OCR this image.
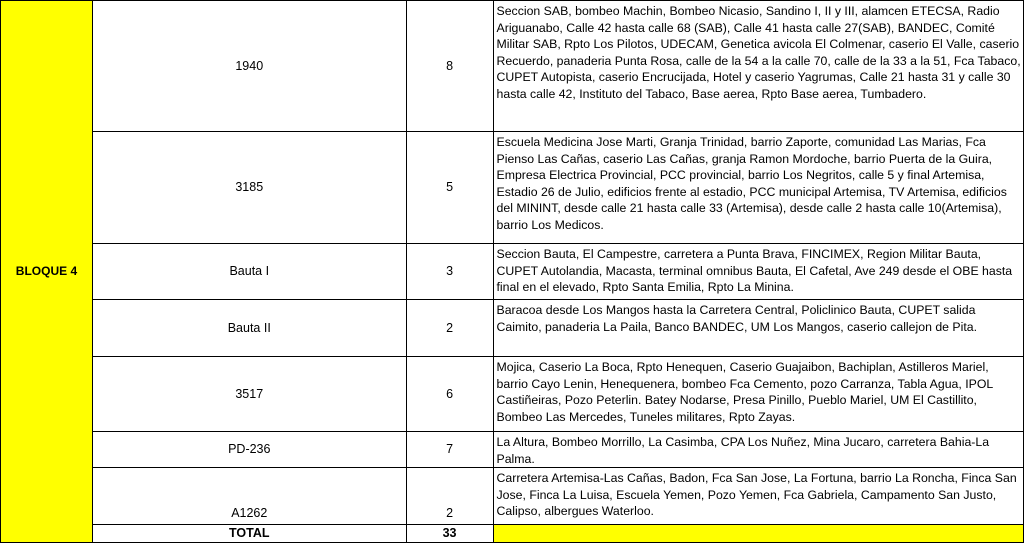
BLOQUE 4	1940	8	Seccion SAB, bombeo Machin, Bombeo Nicasio, Sandino I, II y III, alamcen ETECSA, Radio Ariguanabo, Calle 42 hasta calle 68 (SAB), Calle 41 hasta calle 27(SAB), BANDEC, Comité Militar SAB, Rpto Los Pilotos, UDECAM, Genetica avicola El Colmenar, caserio El Valle, caserio Recuerdo, panaderia Punta Rosa, calle de la 54 a la calle 70, calle de la 33 a la 51, Fca Tabaco, CUPET Autopista, caserio Encrucijada, Hotel y caserio Yagrumas, Calle 21 hasta 31 y calle 30 hasta calle 42, Instituto del Tabaco, Base aerea, Rpto Base aerea, Tumbadero.
	3185	5	Escuela Medicina Jose Marti, Granja Trinidad, barrio Zaporte, comunidad Las Marias, Fca Pienso Las Cañas, caserio Las Cañas, granja Ramon Mordoche, barrio Puerta de la Guira, Empresa Electrica Provincial, PCC provincial, barrio Los Negritos, calle 5 y final Artemisa, Estadio 26 de Julio, edificios frente al estadio, PCC municipal Artemisa, TV Artemisa, edificios del MININT, desde calle 21 hasta calle 33 (Artemisa), desde calle 2 hasta calle 10(Artemisa), barrio Los Medicos.
	Bauta I	3	Seccion Bauta, El Campestre, carretera a Punta Brava, FINCIMEX, Region Militar Bauta, CUPET Autolandia, Macasta, terminal omnibus Bauta, El Cafetal, Ave 249 desde el OBE hasta final en el elevado, Rpto Santa Emilia, Rpto La Minina.
	Bauta II	2	Baracoa desde Los Mangos hasta la Carretera Central, Policlinico Bauta, CUPET salida Caimito, panaderia La Paila, Banco BANDEC, UM Los Mangos, caserio callejon de Pita.
	3517	6	Mojica, Caserio La Boca, Rpto Henequen, Caserio Guajaibon, Bachiplan, Astilleros Mariel, barrio Cayo Lenin, Henequenera, bombeo Fca Cemento, pozo Carranza, Tabla Agua, IPOL Castiñeiras, Pozo Peterlin. Batey Nodarse, Presa Pinillo, Pueblo Mariel, UM El Castillito, Bombeo Las Mercedes, Tuneles militares, Rpto Zayas.
	PD-236	7	La Altura, Bombeo Morrillo, La Casimba, CPA Los Nuñez, Mina Jucaro, carretera Bahia-La Palma.
	A1262	2	Carretera Artemisa-Las Cañas, Badon, Fca San Jose, La Fortuna, barrio La Roncha, Finca San Jose, Finca La Luisa, Escuela Yemen, Pozo Yemen, Fca Gabriela, Campamento San Justo, Calipso, albergues Waterloo.
	TOTAL	33	
